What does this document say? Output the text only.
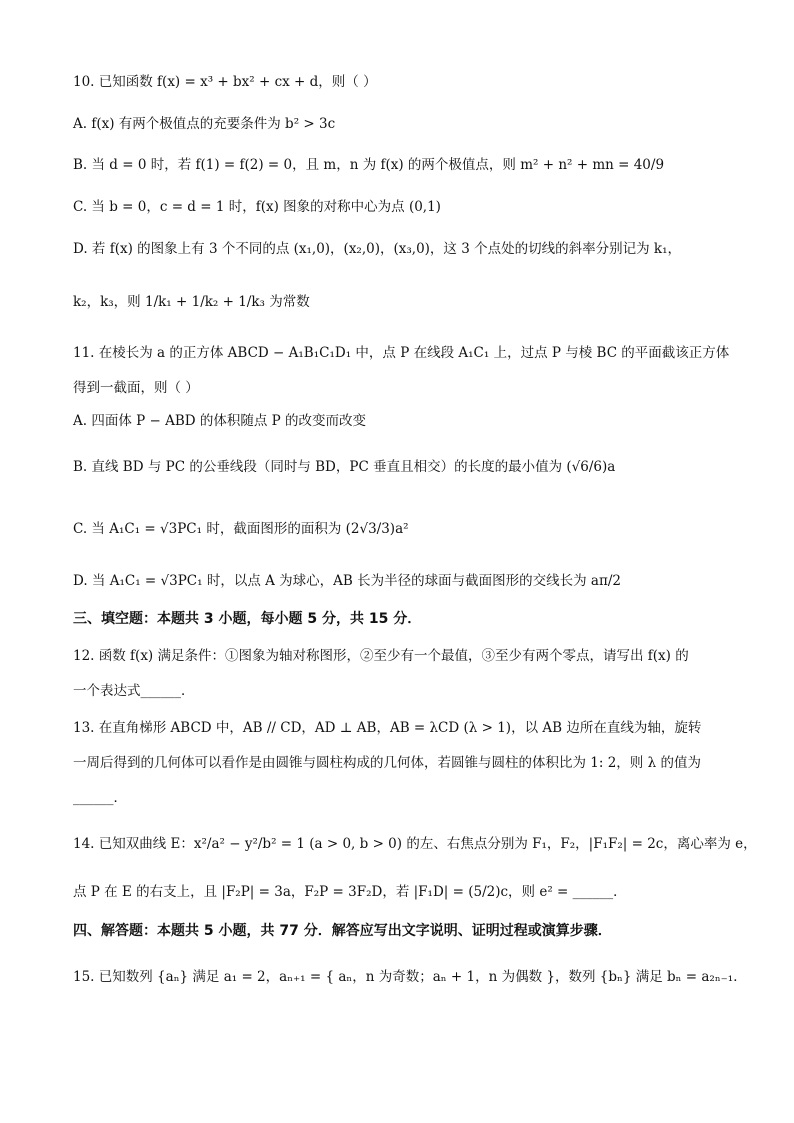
10. 已知函数 f(x) = x³ + bx² + cx + d，则（ ）
A. f(x) 有两个极值点的充要条件为 b² > 3c
B. 当 d = 0 时，若 f(1) = f(2) = 0，且 m，n 为 f(x) 的两个极值点，则 m² + n² + mn = 40/9
C. 当 b = 0，c = d = 1 时，f(x) 图象的对称中心为点 (0,1)
D. 若 f(x) 的图象上有 3 个不同的点 (x₁,0)，(x₂,0)，(x₃,0)，这 3 个点处的切线的斜率分别记为 k₁，
k₂，k₃，则 1/k₁ + 1/k₂ + 1/k₃ 为常数
11. 在棱长为 a 的正方体 ABCD − A₁B₁C₁D₁ 中，点 P 在线段 A₁C₁ 上，过点 P 与棱 BC 的平面截该正方体
得到一截面，则（ ）
A. 四面体 P − ABD 的体积随点 P 的改变而改变
B. 直线 BD 与 PC 的公垂线段（同时与 BD，PC 垂直且相交）的长度的最小值为 (√6/6)a
C. 当 A₁C₁ = √3PC₁ 时，截面图形的面积为 (2√3/3)a²
D. 当 A₁C₁ = √3PC₁ 时，以点 A 为球心，AB 长为半径的球面与截面图形的交线长为 aπ/2
三、填空题：本题共 3 小题，每小题 5 分，共 15 分．
12. 函数 f(x) 满足条件：①图象为轴对称图形，②至少有一个最值，③至少有两个零点，请写出 f(x) 的
一个表达式______．
13. 在直角梯形 ABCD 中，AB // CD，AD ⊥ AB，AB = λCD (λ > 1)，以 AB 边所在直线为轴，旋转
一周后得到的几何体可以看作是由圆锥与圆柱构成的几何体，若圆锥与圆柱的体积比为 1: 2，则 λ 的值为
______．
14. 已知双曲线 E：x²/a² − y²/b² = 1 (a > 0, b > 0) 的左、右焦点分别为 F₁，F₂，|F₁F₂| = 2c，离心率为 e，
点 P 在 E 的右支上，且 |F₂P| = 3a，F₂P = 3F₂D，若 |F₁D| = (5/2)c，则 e² = ______．
四、解答题：本题共 5 小题，共 77 分．解答应写出文字说明、证明过程或演算步骤．
15. 已知数列 {aₙ} 满足 a₁ = 2，aₙ₊₁ = { aₙ，n 为奇数；aₙ + 1，n 为偶数 }，数列 {bₙ} 满足 bₙ = a₂ₙ₋₁．
